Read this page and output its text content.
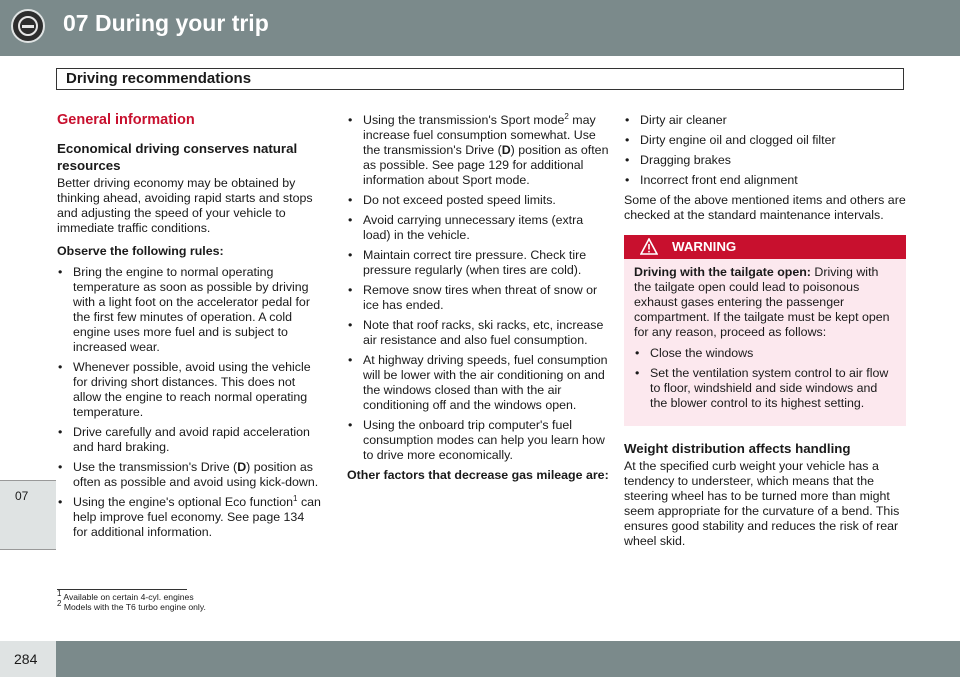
07 During your trip
Driving recommendations
07
General information
Economical driving conserves natural resources

Better driving economy may be obtained by thinking ahead, avoiding rapid starts and stops and adjusting the speed of your vehicle to immediate traffic conditions.

Observe the following rules:
• Bring the engine to normal operating temperature as soon as possible by driving with a light foot on the accelerator pedal for the first few minutes of operation. A cold engine uses more fuel and is subject to increased wear.
• Whenever possible, avoid using the vehicle for driving short distances. This does not allow the engine to reach normal operating temperature.
• Drive carefully and avoid rapid acceleration and hard braking.
• Use the transmission's Drive (D) position as often as possible and avoid using kick-down.
• Using the engine's optional Eco function$^1$ can help improve fuel economy. See page 134 for additional information.
• Using the transmission's Sport mode$^2$ may increase fuel consumption somewhat. Use the transmission's Drive (D) position as often as possible. See page 129 for additional information about Sport mode.
• Do not exceed posted speed limits.
• Avoid carrying unnecessary items (extra load) in the vehicle.
• Maintain correct tire pressure. Check tire pressure regularly (when tires are cold).
• Remove snow tires when threat of snow or ice has ended.
• Note that roof racks, ski racks, etc, increase air resistance and also fuel consumption.
• At highway driving speeds, fuel consumption will be lower with the air conditioning on and the windows closed than with the air conditioning off and the windows open.
• Using the onboard trip computer's fuel consumption modes can help you learn how to drive more economically.
Other factors that decrease gas mileage are:
• Dirty air cleaner
• Dirty engine oil and clogged oil filter
• Dragging brakes
• Incorrect front end alignment

Some of the above mentioned items and others are checked at the standard maintenance intervals.

WARNING
Driving with the tailgate open: Driving with the tailgate open could lead to poisonous exhaust gases entering the passenger compartment. If the tailgate must be kept open for any reason, proceed as follows:
• Close the windows
• Set the ventilation system control to air flow to floor, windshield and side windows and the blower control to its highest setting.
Weight distribution affects handling

At the specified curb weight your vehicle has a tendency to understeer, which means that the steering wheel has to be turned more than might seem appropriate for the curvature of a bend. This ensures good stability and reduces the risk of rear wheel skid.

$^1$ Available on certain 4-cyl. engines
$^2$ Models with the T6 turbo engine only.
284
